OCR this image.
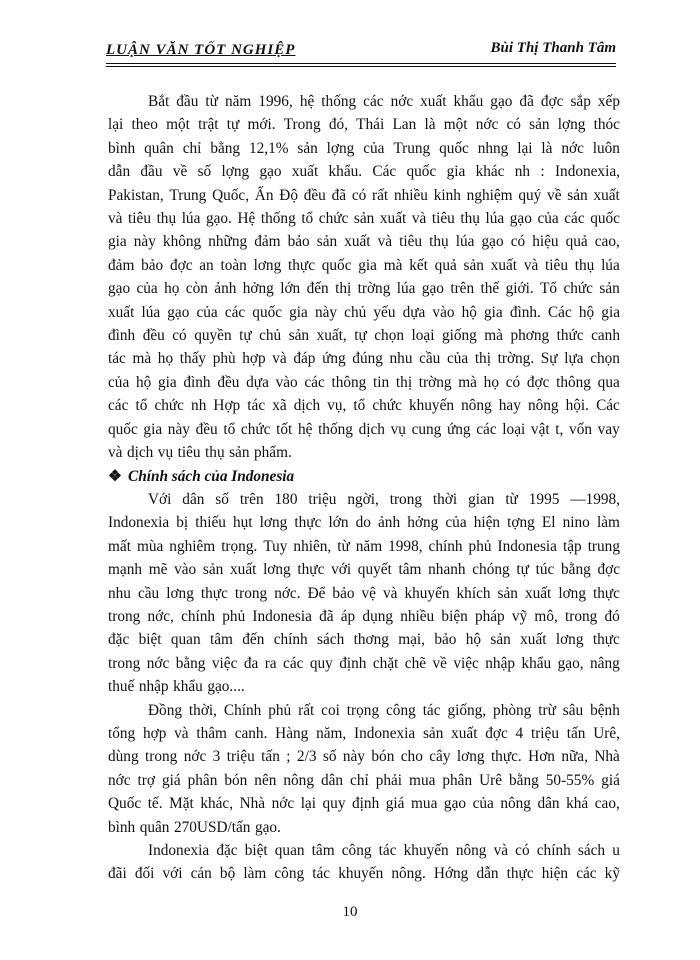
LUẬN VĂN TỐT NGHIỆP	Bùi Thị Thanh Tâm
Bắt đầu từ năm 1996, hệ thống các nớc xuất khẩu gạo đã đợc sắp xếp
lại theo một trật tự mới. Trong đó, Thái Lan là một nớc có sản lợng thóc
bình quân chỉ bằng 12,1% sản lợng của Trung quốc nhng lại là nớc luôn
dẫn đầu về số lợng gạo xuất khẩu. Các quốc gia khác nh : Indonexia,
Pakistan, Trung Quốc, Ấn Độ đều đã có rất nhiều kinh nghiệm quý về sản xuất
và tiêu thụ lúa gạo. Hệ thống tổ chức sản xuất và tiêu thụ lúa gạo của các quốc
gia này không những đảm bảo sản xuất và tiêu thụ lúa gạo có hiệu quả cao,
đảm bảo đợc an toàn lơng thực quốc gia mà kết quả sản xuất và tiêu thụ lúa
gạo của họ còn ảnh hởng lớn đến thị trờng lúa gạo trên thế giới. Tổ chức sản
xuất lúa gạo của các quốc gia này chủ yếu dựa vào hộ gia đình. Các hộ gia
đình đều có quyền tự chủ sản xuất, tự chọn loại giống mà phơng thức canh
tác mà họ thấy phù hợp và đáp ứng đúng nhu cầu của thị trờng. Sự lựa chọn
của hộ gia đình đều dựa vào các thông tin thị trờng mà họ có đợc thông qua
các tổ chức nh Hợp tác xã dịch vụ, tổ chức khuyến nông hay nông hội. Các
quốc gia này đều tổ chức tốt hệ thống dịch vụ cung ứng các loại vật t, vốn vay
và dịch vụ tiêu thụ sản phẩm.
❖ Chính sách của Indonesia
Với dân số trên 180 triệu ngời, trong thời gian từ 1995 —1998,
Indonexia bị thiếu hụt lơng thực lớn do ảnh hởng của hiện tợng El nino làm
mất mùa nghiêm trọng. Tuy nhiên, từ năm 1998, chính phủ Indonesia tập trung
mạnh mẽ vào sản xuất lơng thực với quyết tâm nhanh chóng tự túc bằng đợc
nhu cầu lơng thực trong nớc. Để bảo vệ và khuyến khích sản xuất lơng thực
trong nớc, chính phủ Indonesia đã áp dụng nhiều biện pháp vỹ mô, trong đó
đặc biệt quan tâm đến chính sách thơng mại, bảo hộ sản xuất lơng thực
trong nớc bằng việc đa ra các quy định chặt chẽ về việc nhập khẩu gạo, nâng
thuế nhập khẩu gạo....
Đồng thời, Chính phủ rất coi trọng công tác giống, phòng trừ sâu bệnh
tổng hợp và thâm canh. Hàng năm, Indonexia sản xuất đợc 4 triệu tấn Urê,
dùng trong nớc 3 triệu tấn ; 2/3 số này bón cho cây lơng thực. Hơn nữa, Nhà
nớc trợ giá phân bón nên nông dân chỉ phải mua phân Urê bằng 50-55% giá
Quốc tế. Mặt khác, Nhà nớc lại quy định giá mua gạo của nông dân khá cao,
bình quân 270USD/tấn gạo.
Indonexia đặc biệt quan tâm công tác khuyến nông và có chính sách u
đãi đối với cán bộ làm công tác khuyến nông. Hớng dẫn thực hiện các kỹ
10
